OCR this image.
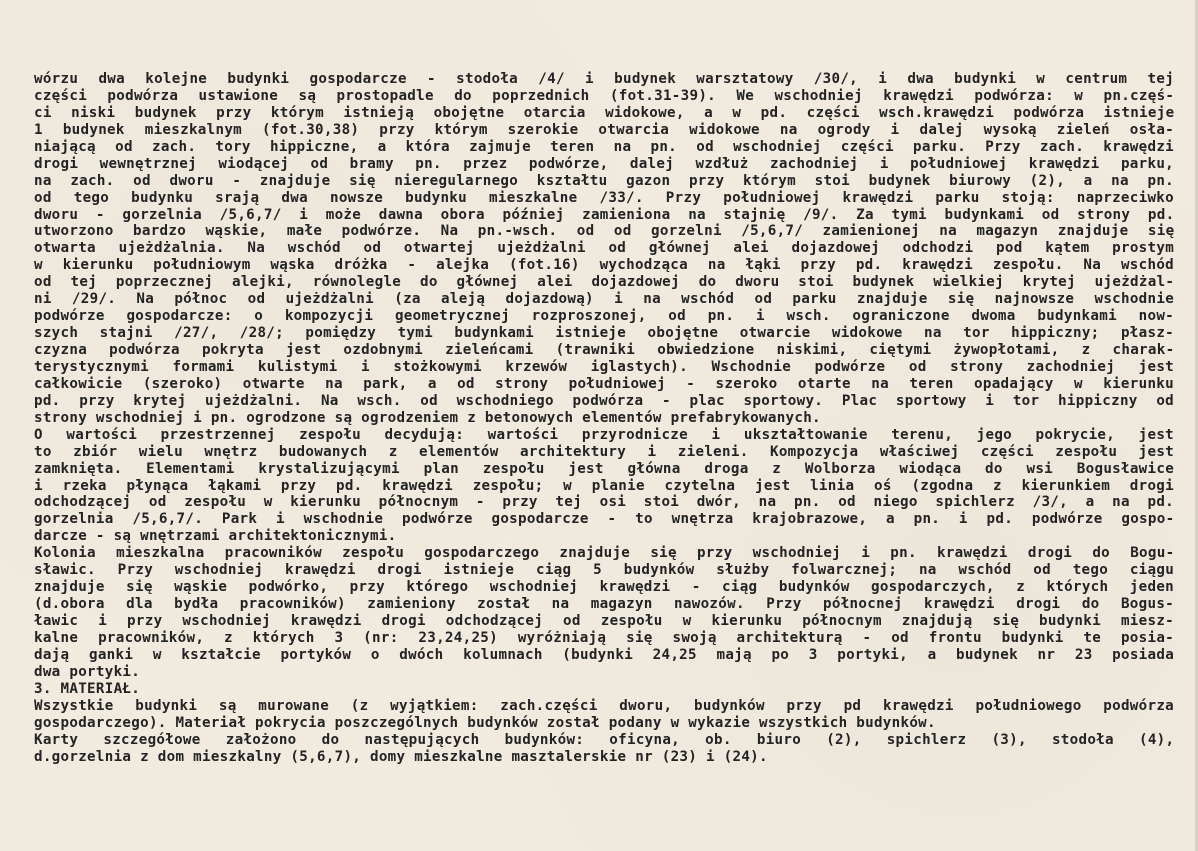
wórzu dwa kolejne budynki gospodarcze - stodoła /4/ i budynek warsztatowy /30/, i dwa budynki w centrum tej
części podwórza ustawione są prostopadle do poprzednich (fot.31-39). We wschodniej krawędzi podwórza: w pn.częś-
ci niski budynek przy którym istnieją obojętne otarcia widokowe, a w pd. części wsch.krawędzi podwórza istnieje
1 budynek mieszkalnym (fot.30,38) przy którym szerokie otwarcia widokowe na ogrody i dalej wysoką zieleń osła-
niającą od zach. tory hippiczne, a która zajmuje teren na pn. od wschodniej części parku. Przy zach. krawędzi
drogi wewnętrznej wiodącej od bramy pn. przez podwórze, dalej wzdłuż zachodniej i południowej krawędzi parku,
na zach. od dworu - znajduje się nieregularnego kształtu gazon przy którym stoi budynek biurowy (2), a na pn.
od tego budynku srają dwa nowsze budynku mieszkalne /33/. Przy południowej krawędzi parku stoją: naprzeciwko
dworu - gorzelnia /5,6,7/ i może dawna obora później zamieniona na stajnię /9/. Za tymi budynkami od strony pd.
utworzono bardzo wąskie, małe podwórze. Na pn.-wsch. od od gorzelni /5,6,7/ zamienionej na magazyn znajduje się
otwarta ujeżdżalnia. Na wschód od otwartej ujeżdżalni od głównej alei dojazdowej odchodzi pod kątem prostym
w kierunku południowym wąska dróżka - alejka (fot.16) wychodząca na łąki przy pd. krawędzi zespołu. Na wschód
od tej poprzecznej alejki, równolegle do głównej alei dojazdowej do dworu stoi budynek wielkiej krytej ujeżdżal-
ni /29/. Na północ od ujeżdżalni (za aleją dojazdową) i na wschód od parku znajduje się najnowsze wschodnie
podwórze gospodarcze: o kompozycji geometrycznej rozproszonej, od pn. i wsch. ograniczone dwoma budynkami now-
szych stajni /27/, /28/; pomiędzy tymi budynkami istnieje obojętne otwarcie widokowe na tor hippiczny; płasz-
czyzna podwórza pokryta jest ozdobnymi zieleńcami (trawniki obwiedzione niskimi, ciętymi żywopłotami, z charak-
terystycznymi formami kulistymi i stożkowymi krzewów iglastych). Wschodnie podwórze od strony zachodniej jest
całkowicie (szeroko) otwarte na park, a od strony południowej - szeroko otarte na teren opadający w kierunku
pd. przy krytej ujeżdżalni. Na wsch. od wschodniego podwórza - plac sportowy. Plac sportowy i tor hippiczny od
strony wschodniej i pn. ogrodzone są ogrodzeniem z betonowych elementów prefabrykowanych.
O wartości przestrzennej zespołu decydują: wartości przyrodnicze i ukształtowanie terenu, jego pokrycie, jest
to zbiór wielu wnętrz budowanych z elementów architektury i zieleni. Kompozycja właściwej części zespołu jest
zamknięta. Elementami krystalizującymi plan zespołu jest główna droga z Wolborza wiodąca do wsi Bogusławice
i rzeka płynąca łąkami przy pd. krawędzi zespołu; w planie czytelna jest linia oś (zgodna z kierunkiem drogi
odchodzącej od zespołu w kierunku północnym - przy tej osi stoi dwór, na pn. od niego spichlerz /3/, a na pd.
gorzelnia /5,6,7/. Park i wschodnie podwórze gospodarcze - to wnętrza krajobrazowe, a pn. i pd. podwórze gospo-
darcze - są wnętrzami architektonicznymi.
Kolonia mieszkalna pracowników zespołu gospodarczego znajduje się przy wschodniej i pn. krawędzi drogi do Bogu-
sławic. Przy wschodniej krawędzi drogi istnieje ciąg 5 budynków służby folwarcznej; na wschód od tego ciągu
znajduje się wąskie podwórko, przy którego wschodniej krawędzi - ciąg budynków gospodarczych, z których jeden
(d.obora dla bydła pracowników) zamieniony został na magazyn nawozów. Przy północnej krawędzi drogi do Bogus-
ławic i przy wschodniej krawędzi drogi odchodzącej od zespołu w kierunku północnym znajdują się budynki miesz-
kalne pracowników, z których 3 (nr: 23,24,25) wyróżniają się swoją architekturą - od frontu budynki te posia-
dają ganki w kształcie portyków o dwóch kolumnach (budynki 24,25 mają po 3 portyki, a budynek nr 23 posiada
dwa portyki.
3. MATERIAŁ.
Wszystkie budynki są murowane (z wyjątkiem: zach.części dworu, budynków przy pd krawędzi południowego podwórza
gospodarczego). Materiał pokrycia poszczególnych budynków został podany w wykazie wszystkich budynków.
Karty szczegółowe założono do następujących budynków: oficyna, ob. biuro (2), spichlerz (3), stodoła (4),
d.gorzelnia z dom mieszkalny (5,6,7), domy mieszkalne masztalerskie nr (23) i (24).
